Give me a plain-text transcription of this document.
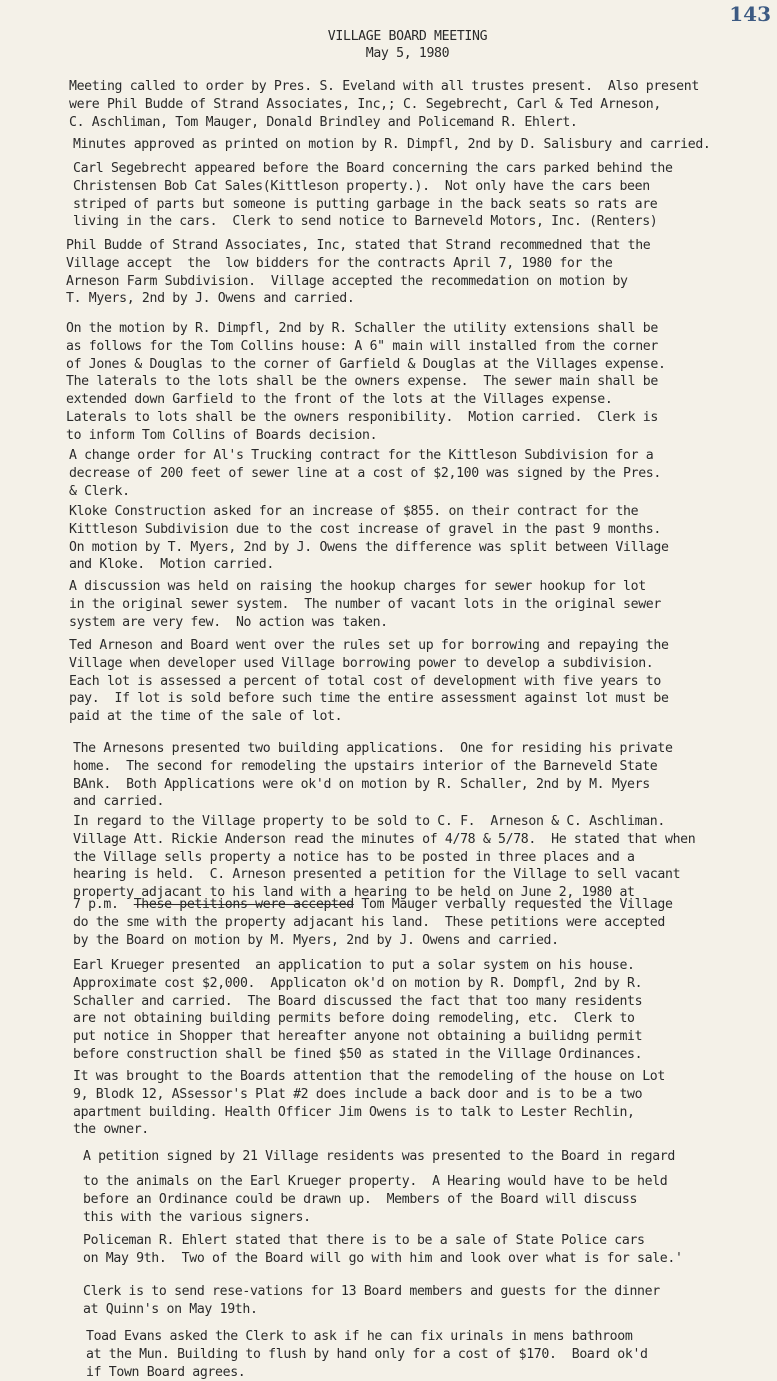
143
VILLAGE BOARD MEETING
May 5, 1980

Meeting called to order by Pres. S. Eveland with all trustes present.  Also present

were Phil Budde of Strand Associates, Inc,; C. Segebrecht, Carl & Ted Arneson,

C. Aschliman, Tom Mauger, Donald Brindley and Policemand R. Ehlert.

Minutes approved as printed on motion by R. Dimpfl, 2nd by D. Salisbury and carried.

Carl Segebrecht appeared before the Board concerning the cars parked behind the

Christensen Bob Cat Sales(Kittleson property.).  Not only have the cars been

striped of parts but someone is putting garbage in the back seats so rats are

living in the cars.  Clerk to send notice to Barneveld Motors, Inc. (Renters)

Phil Budde of Strand Associates, Inc, stated that Strand recommedned that the

Village accept  the  low bidders for the contracts April 7, 1980 for the

Arneson Farm Subdivision.  Village accepted the recommedation on motion by

T. Myers, 2nd by J. Owens and carried.

On the motion by R. Dimpfl, 2nd by R. Schaller the utility extensions shall be

as follows for the Tom Collins house: A 6" main will installed from the corner

of Jones & Douglas to the corner of Garfield & Douglas at the Villages expense.

The laterals to the lots shall be the owners expense.  The sewer main shall be

extended down Garfield to the front of the lots at the Villages expense.

Laterals to lots shall be the owners responibility.  Motion carried.  Clerk is

to inform Tom Collins of Boards decision.

A change order for Al's Trucking contract for the Kittleson Subdivision for a

decrease of 200 feet of sewer line at a cost of $2,100 was signed by the Pres.

& Clerk.

Kloke Construction asked for an increase of $855. on their contract for the

Kittleson Subdivision due to the cost increase of gravel in the past 9 months.

On motion by T. Myers, 2nd by J. Owens the difference was split between Village

and Kloke.  Motion carried.

A discussion was held on raising the hookup charges for sewer hookup for lot

in the original sewer system.  The number of vacant lots in the original sewer

system are very few.  No action was taken.

Ted Arneson and Board went over the rules set up for borrowing and repaying the

Village when developer used Village borrowing power to develop a subdivision.

Each lot is assessed a percent of total cost of development with five years to

pay.  If lot is sold before such time the entire assessment against lot must be

paid at the time of the sale of lot.

The Arnesons presented two building applications.  One for residing his private

home.  The second for remodeling the upstairs interior of the Barneveld State

BAnk.  Both Applications were ok'd on motion by R. Schaller, 2nd by M. Myers

and carried.

In regard to the Village property to be sold to C. F.  Arneson & C. Aschliman.

Village Att. Rickie Anderson read the minutes of 4/78 & 5/78.  He stated that when

the Village sells property a notice has to be posted in three places and a

hearing is held.  C. Arneson presented a petition for the Village to sell vacant

property adjacant to his land with a hearing to be held on June 2, 1980 at

do the sme with the property adjacant his land.  These petitions were accepted

by the Board on motion by M. Myers, 2nd by J. Owens and carried.

Earl Krueger presented  an application to put a solar system on his house.

Approximate cost $2,000.  Applicaton ok'd on motion by R. Dompfl, 2nd by R.

Schaller and carried.  The Board discussed the fact that too many residents

are not obtaining building permits before doing remodeling, etc.  Clerk to

put notice in Shopper that hereafter anyone not obtaining a builidng permit

before construction shall be fined $50 as stated in the Village Ordinances.

It was brought to the Boards attention that the remodeling of the house on Lot

9, Blodk 12, ASsessor's Plat #2 does include a back door and is to be a two

apartment building. Health Officer Jim Owens is to talk to Lester Rechlin,

the owner.

A petition signed by 21 Village residents was presented to the Board in regard

to the animals on the Earl Krueger property.  A Hearing would have to be held

before an Ordinance could be drawn up.  Members of the Board will discuss

this with the various signers.

Policeman R. Ehlert stated that there is to be a sale of State Police cars

on May 9th.  Two of the Board will go with him and look over what is for sale.'

Clerk is to send rese-vations for 13 Board members and guests for the dinner

at Quinn's on May 19th.

Toad Evans asked the Clerk to ask if he can fix urinals in mens bathroom

at the Mun. Building to flush by hand only for a cost of $170.  Board ok'd

if Town Board agrees.

7 p.m.  These petitions were accepted Tom Mauger verbally requested the Village
